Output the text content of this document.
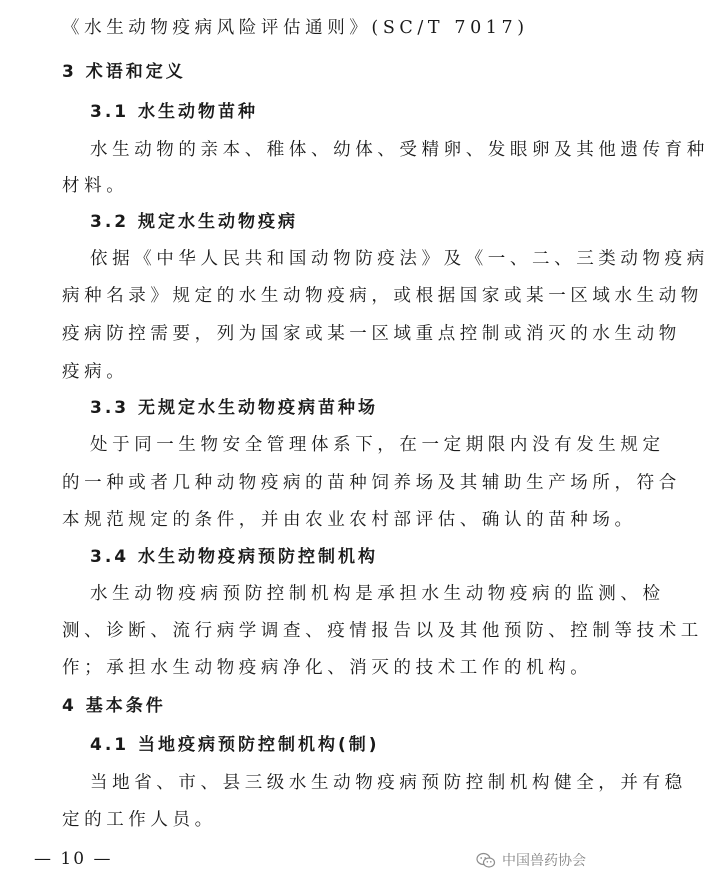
《水生动物疫病风险评估通则》(SC/T 7017)
3 术语和定义
3.1 水生动物苗种
水生动物的亲本、稚体、幼体、受精卵、发眼卵及其他遗传育种
材料。
3.2 规定水生动物疫病
依据《中华人民共和国动物防疫法》及《一、二、三类动物疫病
病种名录》规定的水生动物疫病，或根据国家或某一区域水生动物
疫病防控需要，列为国家或某一区域重点控制或消灭的水生动物
疫病。
3.3 无规定水生动物疫病苗种场
处于同一生物安全管理体系下，在一定期限内没有发生规定
的一种或者几种动物疫病的苗种饲养场及其辅助生产场所，符合
本规范规定的条件，并由农业农村部评估、确认的苗种场。
3.4 水生动物疫病预防控制机构
水生动物疫病预防控制机构是承担水生动物疫病的监测、检
测、诊断、流行病学调查、疫情报告以及其他预防、控制等技术工
作；承担水生动物疫病净化、消灭的技术工作的机构。
4 基本条件
4.1 当地疫病预防控制机构(制)
当地省、市、县三级水生动物疫病预防控制机构健全，并有稳
定的工作人员。
— 10 —	中国兽药协会
